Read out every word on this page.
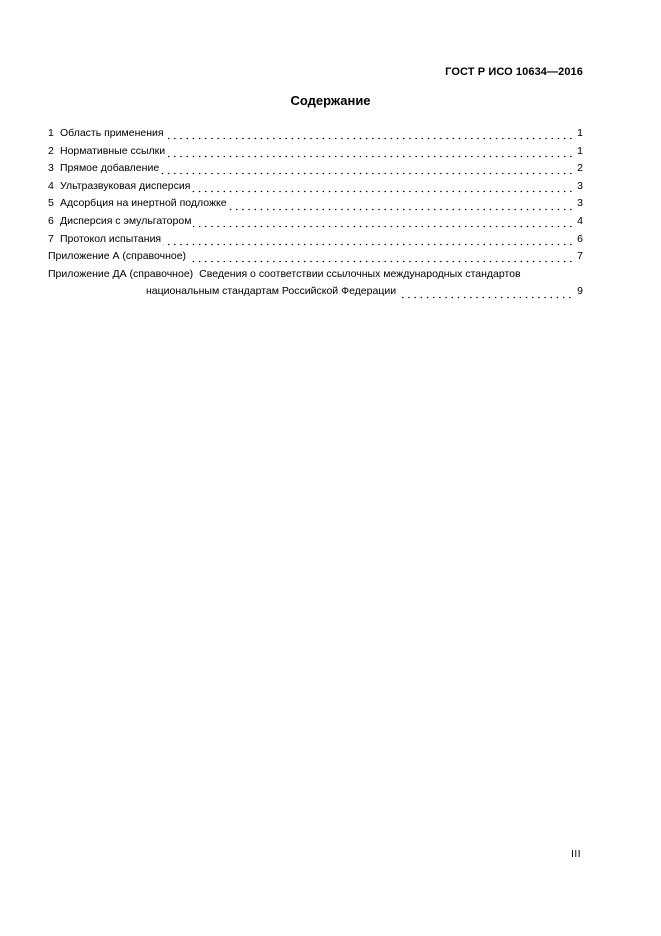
ГОСТ Р ИСО 10634—2016
Содержание
1 Область применения	1
2 Нормативные ссылки	1
3 Прямое добавление	2
4 Ультразвуковая дисперсия	3
5 Адсорбция на инертной подложке	3
6 Дисперсия с эмульгатором	4
7 Протокол испытания	6
Приложение А (справочное)	7
Приложение ДА (справочное) Сведения о соответствии ссылочных международных стандартов
национальным стандартам Российской Федерации	9
III
